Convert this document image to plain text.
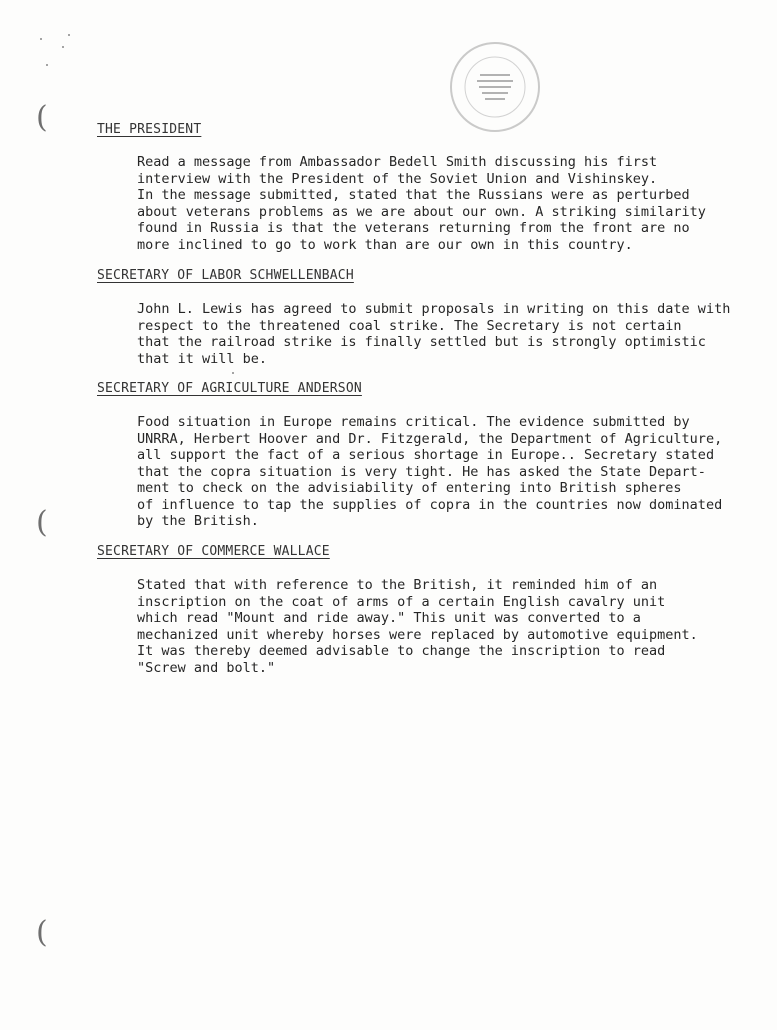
(
(
(
THE PRESIDENT
Read a message from Ambassador Bedell Smith discussing his first
interview with the President of the Soviet Union and Vishinskey.
In the message submitted, stated that the Russians were as perturbed
about veterans problems as we are about our own. A striking similarity
found in Russia is that the veterans returning from the front are no
more inclined to go to work than are our own in this country.
SECRETARY OF LABOR SCHWELLENBACH
John L. Lewis has agreed to submit proposals in writing on this date with
respect to the threatened coal strike. The Secretary is not certain
that the railroad strike is finally settled but is strongly optimistic
that it will be.
SECRETARY OF AGRICULTURE ANDERSON
Food situation in Europe remains critical. The evidence submitted by
UNRRA, Herbert Hoover and Dr. Fitzgerald, the Department of Agriculture,
all support the fact of a serious shortage in Europe.. Secretary stated
that the copra situation is very tight. He has asked the State Depart-
ment to check on the advisiability of entering into British spheres
of influence to tap the supplies of copra in the countries now dominated
by the British.
SECRETARY OF COMMERCE WALLACE
Stated that with reference to the British, it reminded him of an
inscription on the coat of arms of a certain English cavalry unit
which read "Mount and ride away." This unit was converted to a
mechanized unit whereby horses were replaced by automotive equipment.
It was thereby deemed advisable to change the inscription to read
"Screw and bolt."
